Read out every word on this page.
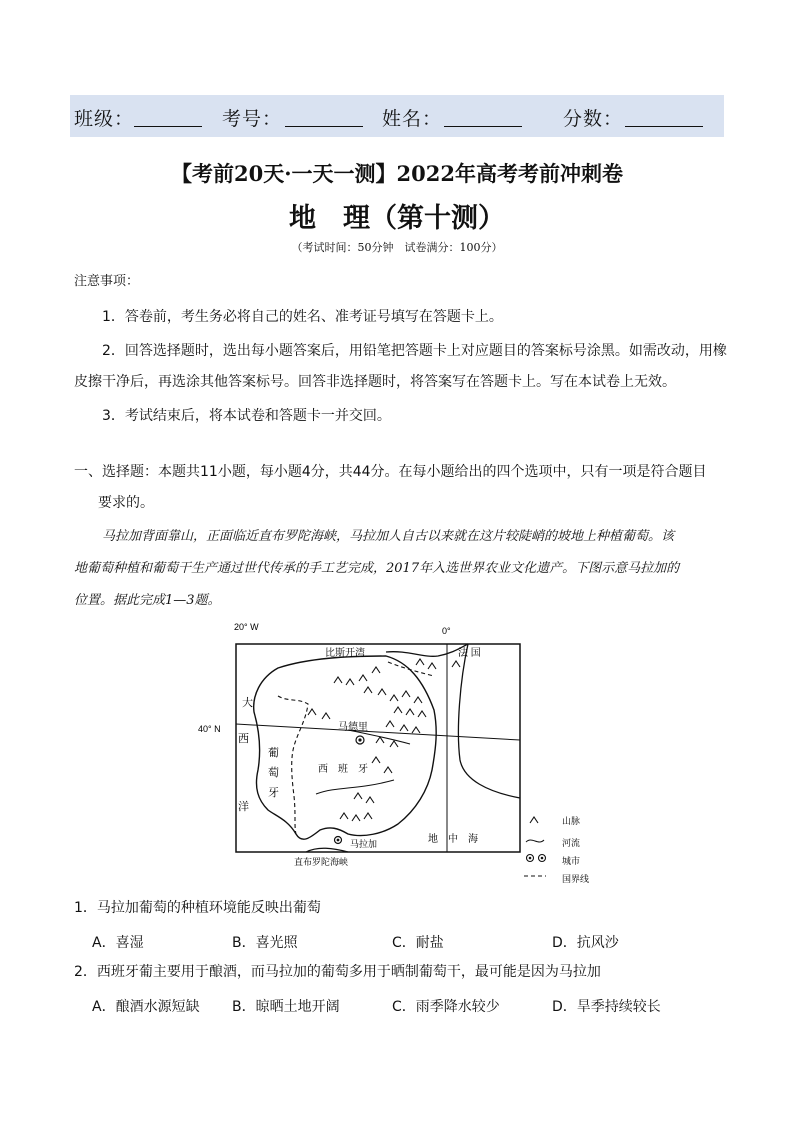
班级：	考号：	姓名：	分数：
【考前20天·一天一测】2022年高考考前冲刺卷
地　理（第十测）
（考试时间：50分钟　试卷满分：100分）
注意事项：
1．答卷前，考生务必将自己的姓名、准考证号填写在答题卡上。
2．回答选择题时，选出每小题答案后，用铅笔把答题卡上对应题目的答案标号涂黑。如需改动，用橡
皮擦干净后，再选涂其他答案标号。回答非选择题时，将答案写在答题卡上。写在本试卷上无效。
3．考试结束后，将本试卷和答题卡一并交回。
一、选择题：本题共11小题，每小题4分，共44分。在每小题给出的四个选项中，只有一项是符合题目
要求的。
马拉加背面靠山，正面临近直布罗陀海峡，马拉加人自古以来就在这片较陡峭的坡地上种植葡萄。该
地葡萄种植和葡萄干生产通过世代传承的手工艺完成，2017年入选世界农业文化遗产。下图示意马拉加的
位置。据此完成1—3题。
20° W	0°
40° N
比斯开湾	法 国
大
西
洋
葡
萄
牙
马德里
西　班　牙
马拉加
直布罗陀海峡
地　中　海
山脉
河流
城市
国界线
1．马拉加葡萄的种植环境能反映出葡萄
A．喜湿	B．喜光照	C．耐盐	D．抗风沙
2．西班牙葡主要用于酿酒，而马拉加的葡萄多用于晒制葡萄干，最可能是因为马拉加
A．酿酒水源短缺 B．晾晒土地开阔	C．雨季降水较少	D．旱季持续较长
